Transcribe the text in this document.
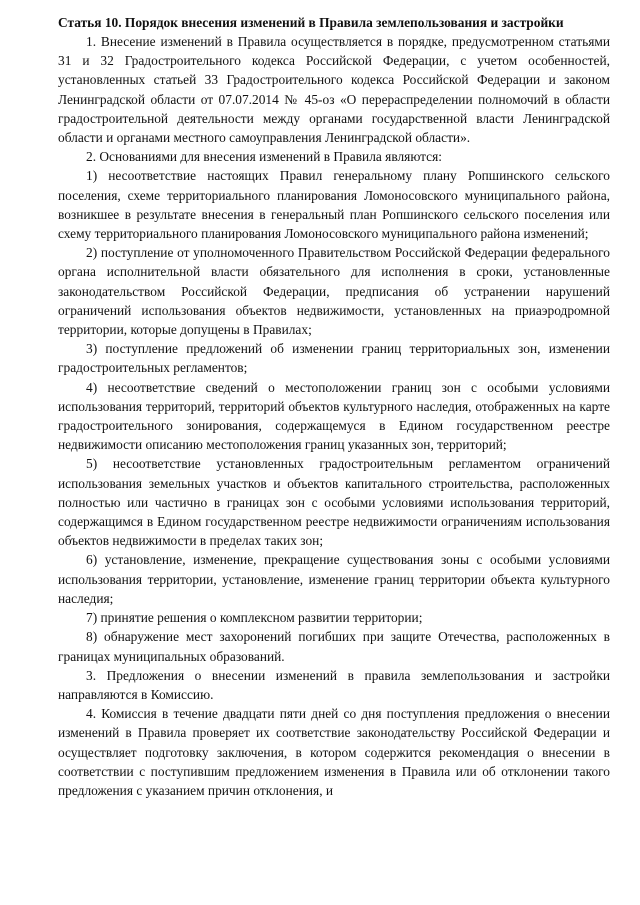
Статья 10. Порядок внесения изменений в Правила землепользования и застройки

1. Внесение изменений в Правила осуществляется в порядке, предусмотренном статьями 31 и 32 Градостроительного кодекса Российской Федерации, с учетом особенностей, установленных статьей 33 Градостроительного кодекса Российской Федерации и законом Ленинградской области от 07.07.2014 № 45-оз «О перераспределении полномочий в области градостроительной деятельности между органами государственной власти Ленинградской области и органами местного самоуправления Ленинградской области».

2. Основаниями для внесения изменений в Правила являются:

1) несоответствие настоящих Правил генеральному плану Ропшинского сельского поселения, схеме территориального планирования Ломоносовского муниципального района, возникшее в результате внесения в генеральный план Ропшинского сельского поселения или схему территориального планирования Ломоносовского муниципального района изменений;

2) поступление от уполномоченного Правительством Российской Федерации федерального органа исполнительной власти обязательного для исполнения в сроки, установленные законодательством Российской Федерации, предписания об устранении нарушений ограничений использования объектов недвижимости, установленных на приаэродромной территории, которые допущены в Правилах;

3) поступление предложений об изменении границ территориальных зон, изменении градостроительных регламентов;

4) несоответствие сведений о местоположении границ зон с особыми условиями использования территорий, территорий объектов культурного наследия, отображенных на карте градостроительного зонирования, содержащемуся в Едином государственном реестре недвижимости описанию местоположения границ указанных зон, территорий;

5) несоответствие установленных градостроительным регламентом ограничений использования земельных участков и объектов капитального строительства, расположенных полностью или частично в границах зон с особыми условиями использования территорий, содержащимся в Едином государственном реестре недвижимости ограничениям использования объектов недвижимости в пределах таких зон;

6) установление, изменение, прекращение существования зоны с особыми условиями использования территории, установление, изменение границ территории объекта культурного наследия;

7) принятие решения о комплексном развитии территории;

8) обнаружение мест захоронений погибших при защите Отечества, расположенных в границах муниципальных образований.

3. Предложения о внесении изменений в правила землепользования и застройки направляются в Комиссию.

4. Комиссия в течение двадцати пяти дней со дня поступления предложения о внесении изменений в Правила проверяет их соответствие законодательству Российской Федерации и осуществляет подготовку заключения, в котором содержится рекомендация о внесении в соответствии с поступившим предложением изменения в Правила или об отклонении такого предложения с указанием причин отклонения, и
